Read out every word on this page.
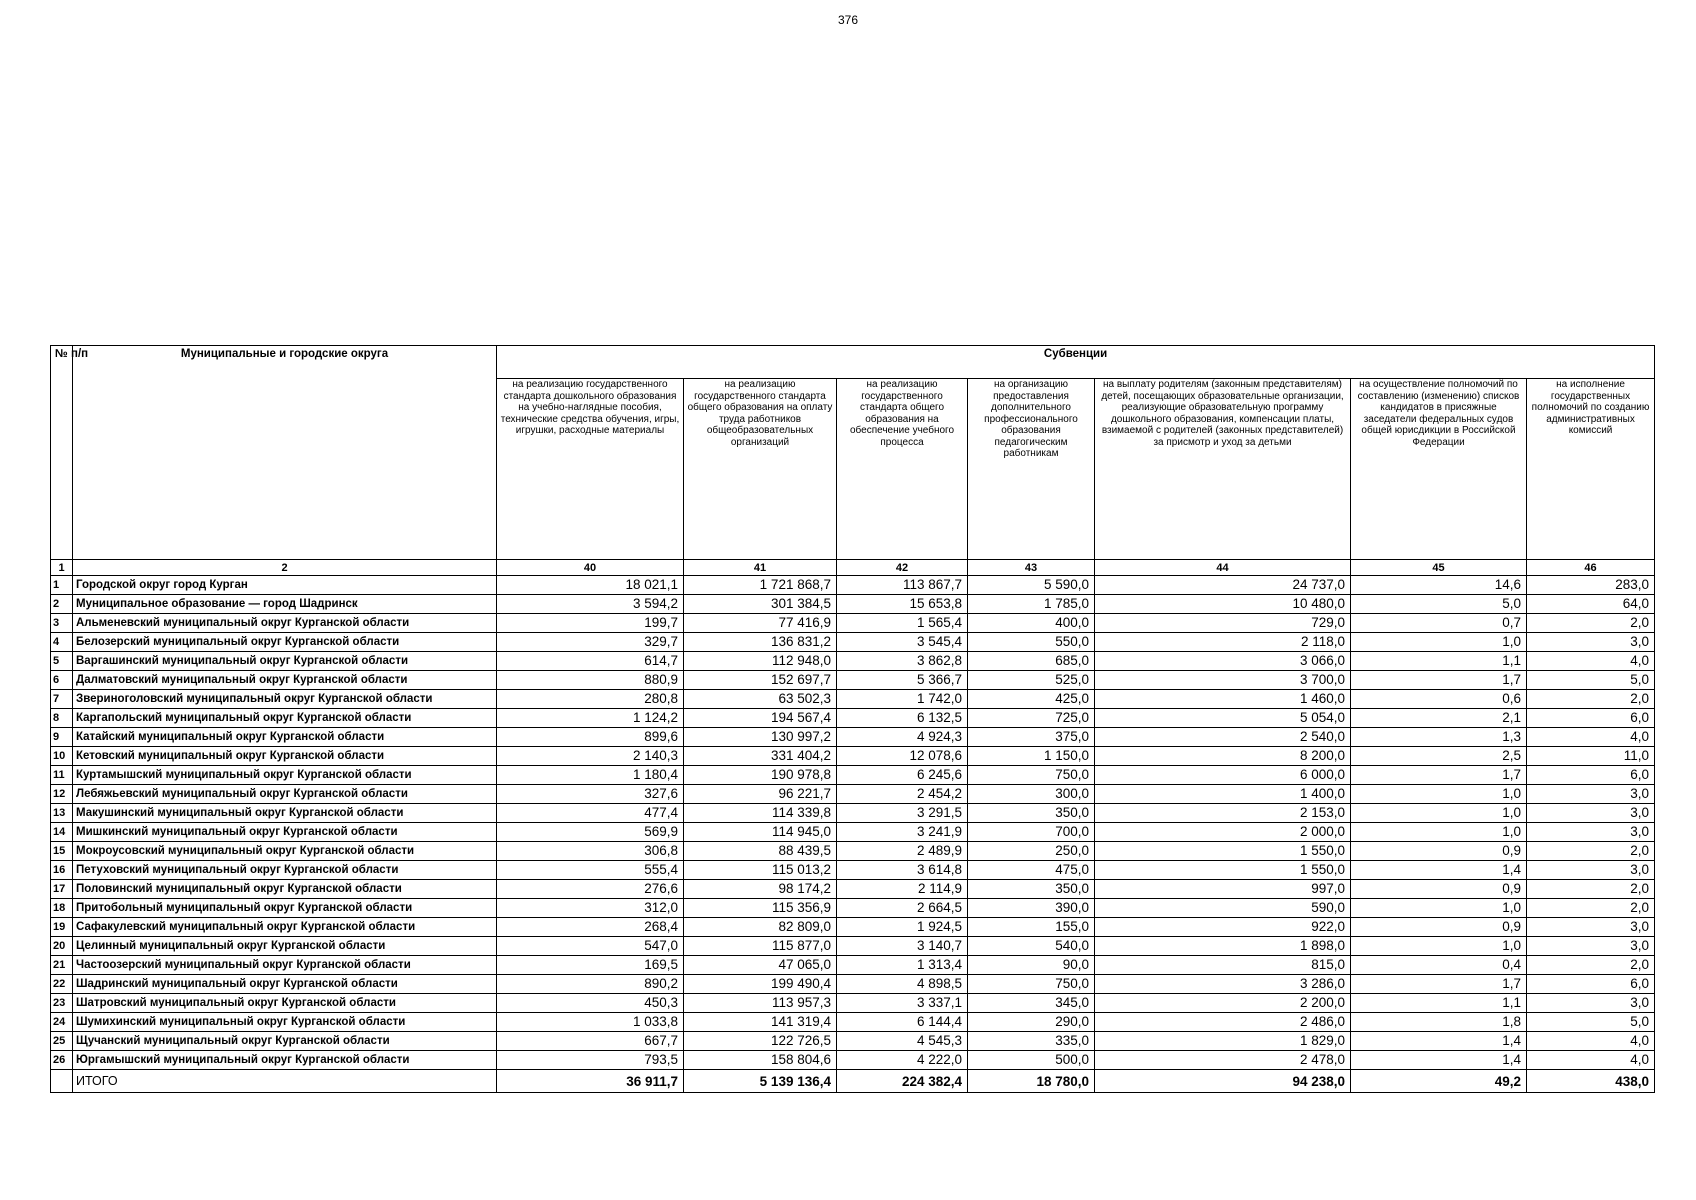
376
№ п/п	Муниципальные и городские округа	Субвенции						
		на реализацию государственного стандарта дошкольного образования на учебно-наглядные пособия, технические средства обучения, игры, игрушки, расходные материалы	на реализацию государственного стандарта общего образования на оплату труда работников общеобразовательных организаций	на реализацию государственного стандарта общего образования на обеспечение учебного процесса	на организацию предоставления дополнительного профессионального образования педагогическим работникам	на выплату родителям (законным представителям) детей, посещающих образовательные организации, реализующие образовательную программу дошкольного образования, компенсации платы, взимаемой с родителей (законных представителей) за присмотр и уход за детьми	на осуществление полномочий по составлению (изменению) списков кандидатов в присяжные заседатели федеральных судов общей юрисдикции в Российской Федерации	на исполнение государственных полномочий по созданию административных комиссий
1	2	40	41	42	43	44	45	46
1	Городской округ город Курган	18 021,1	1 721 868,7	113 867,7	5 590,0	24 737,0	14,6	283,0
2	Муниципальное образование — город Шадринск	3 594,2	301 384,5	15 653,8	1 785,0	10 480,0	5,0	64,0
3	Альменевский муниципальный округ Курганской области	199,7	77 416,9	1 565,4	400,0	729,0	0,7	2,0
4	Белозерский муниципальный округ Курганской области	329,7	136 831,2	3 545,4	550,0	2 118,0	1,0	3,0
5	Варгашинский муниципальный округ Курганской области	614,7	112 948,0	3 862,8	685,0	3 066,0	1,1	4,0
6	Далматовский муниципальный округ Курганской области	880,9	152 697,7	5 366,7	525,0	3 700,0	1,7	5,0
7	Звериноголовский муниципальный округ Курганской области	280,8	63 502,3	1 742,0	425,0	1 460,0	0,6	2,0
8	Каргапольский муниципальный округ Курганской области	1 124,2	194 567,4	6 132,5	725,0	5 054,0	2,1	6,0
9	Катайский муниципальный округ Курганской области	899,6	130 997,2	4 924,3	375,0	2 540,0	1,3	4,0
10	Кетовский муниципальный округ Курганской области	2 140,3	331 404,2	12 078,6	1 150,0	8 200,0	2,5	11,0
11	Куртамышский муниципальный округ Курганской области	1 180,4	190 978,8	6 245,6	750,0	6 000,0	1,7	6,0
12	Лебяжьевский муниципальный округ Курганской области	327,6	96 221,7	2 454,2	300,0	1 400,0	1,0	3,0
13	Макушинский муниципальный округ Курганской области	477,4	114 339,8	3 291,5	350,0	2 153,0	1,0	3,0
14	Мишкинский муниципальный округ Курганской области	569,9	114 945,0	3 241,9	700,0	2 000,0	1,0	3,0
15	Мокроусовский муниципальный округ Курганской области	306,8	88 439,5	2 489,9	250,0	1 550,0	0,9	2,0
16	Петуховский муниципальный округ Курганской области	555,4	115 013,2	3 614,8	475,0	1 550,0	1,4	3,0
17	Половинский муниципальный округ Курганской области	276,6	98 174,2	2 114,9	350,0	997,0	0,9	2,0
18	Притобольный муниципальный округ Курганской области	312,0	115 356,9	2 664,5	390,0	590,0	1,0	2,0
19	Сафакулевский муниципальный округ Курганской области	268,4	82 809,0	1 924,5	155,0	922,0	0,9	3,0
20	Целинный муниципальный округ Курганской области	547,0	115 877,0	3 140,7	540,0	1 898,0	1,0	3,0
21	Частоозерский муниципальный округ Курганской области	169,5	47 065,0	1 313,4	90,0	815,0	0,4	2,0
22	Шадринский муниципальный округ Курганской области	890,2	199 490,4	4 898,5	750,0	3 286,0	1,7	6,0
23	Шатровский муниципальный округ Курганской области	450,3	113 957,3	3 337,1	345,0	2 200,0	1,1	3,0
24	Шумихинский муниципальный округ Курганской области	1 033,8	141 319,4	6 144,4	290,0	2 486,0	1,8	5,0
25	Щучанский муниципальный округ Курганской области	667,7	122 726,5	4 545,3	335,0	1 829,0	1,4	4,0
26	Юргамышский муниципальный округ Курганской области	793,5	158 804,6	4 222,0	500,0	2 478,0	1,4	4,0
	ИТОГО	36 911,7	5 139 136,4	224 382,4	18 780,0	94 238,0	49,2	438,0
